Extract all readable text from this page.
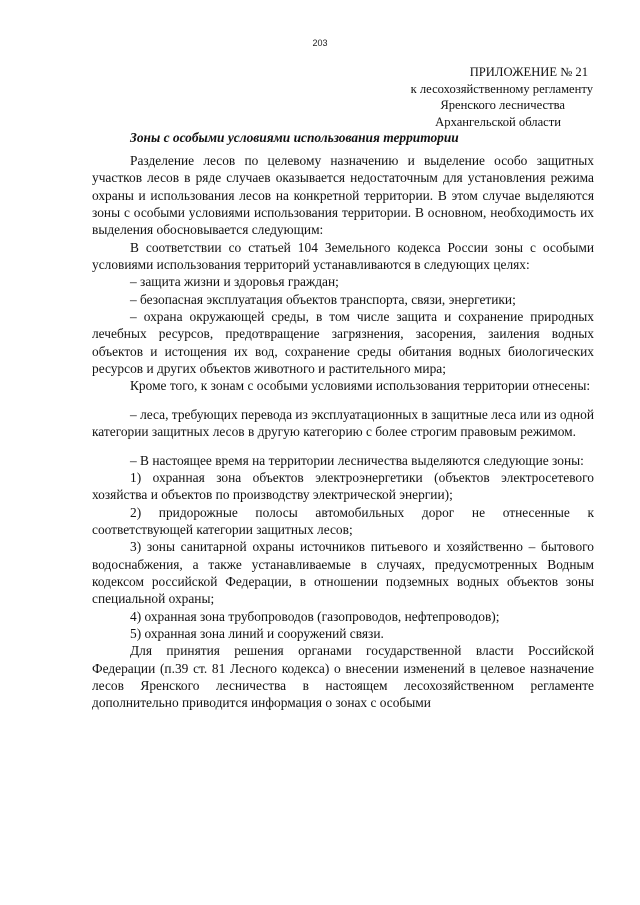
203
ПРИЛОЖЕНИЕ № 21
к лесохозяйственному регламенту
Яренского лесничества
Архангельской области
Зоны с особыми условиями использования территории

Разделение лесов по целевому назначению и выделение особо защитных участков лесов в ряде случаев оказывается недостаточным для установления режима охраны и использования лесов на конкретной территории. В этом случае выделяются зоны с особыми условиями использования территории. В основном, необходимость их выделения обосновывается следующим:

В соответствии со статьей 104 Земельного кодекса России зоны с особыми условиями использования территорий устанавливаются в следующих целях:

– защита жизни и здоровья граждан;

– безопасная эксплуатация объектов транспорта, связи, энергетики;

– охрана окружающей среды, в том числе защита и сохранение природных лечебных ресурсов, предотвращение загрязнения, засорения, заиления водных объектов и истощения их вод, сохранение среды обитания водных биологических ресурсов и других объектов животного и растительного мира;

Кроме того, к зонам с особыми условиями использования территории отнесены:

– леса, требующих перевода из эксплуатационных в защитные леса или из одной категории защитных лесов в другую категорию с более строгим правовым режимом.

– В настоящее время на территории лесничества выделяются следующие зоны:

1) охранная зона объектов электроэнергетики (объектов электросетевого хозяйства и объектов по производству электрической энергии);

2) придорожные полосы автомобильных дорог не отнесенные к соответствующей категории защитных лесов;

3) зоны санитарной охраны источников питьевого и хозяйственно – бытового водоснабжения, а также устанавливаемые в случаях, предусмотренных Водным кодексом российской Федерации, в отношении подземных водных объектов зоны специальной охраны;

4) охранная зона трубопроводов (газопроводов, нефтепроводов);

5) охранная зона линий и сооружений связи.

Для принятия решения органами государственной власти Российской Федерации (п.39 ст. 81 Лесного кодекса) о внесении изменений в целевое назначение лесов Яренского лесничества в настоящем лесохозяйственном регламенте дополнительно приводится информация о зонах с особыми
